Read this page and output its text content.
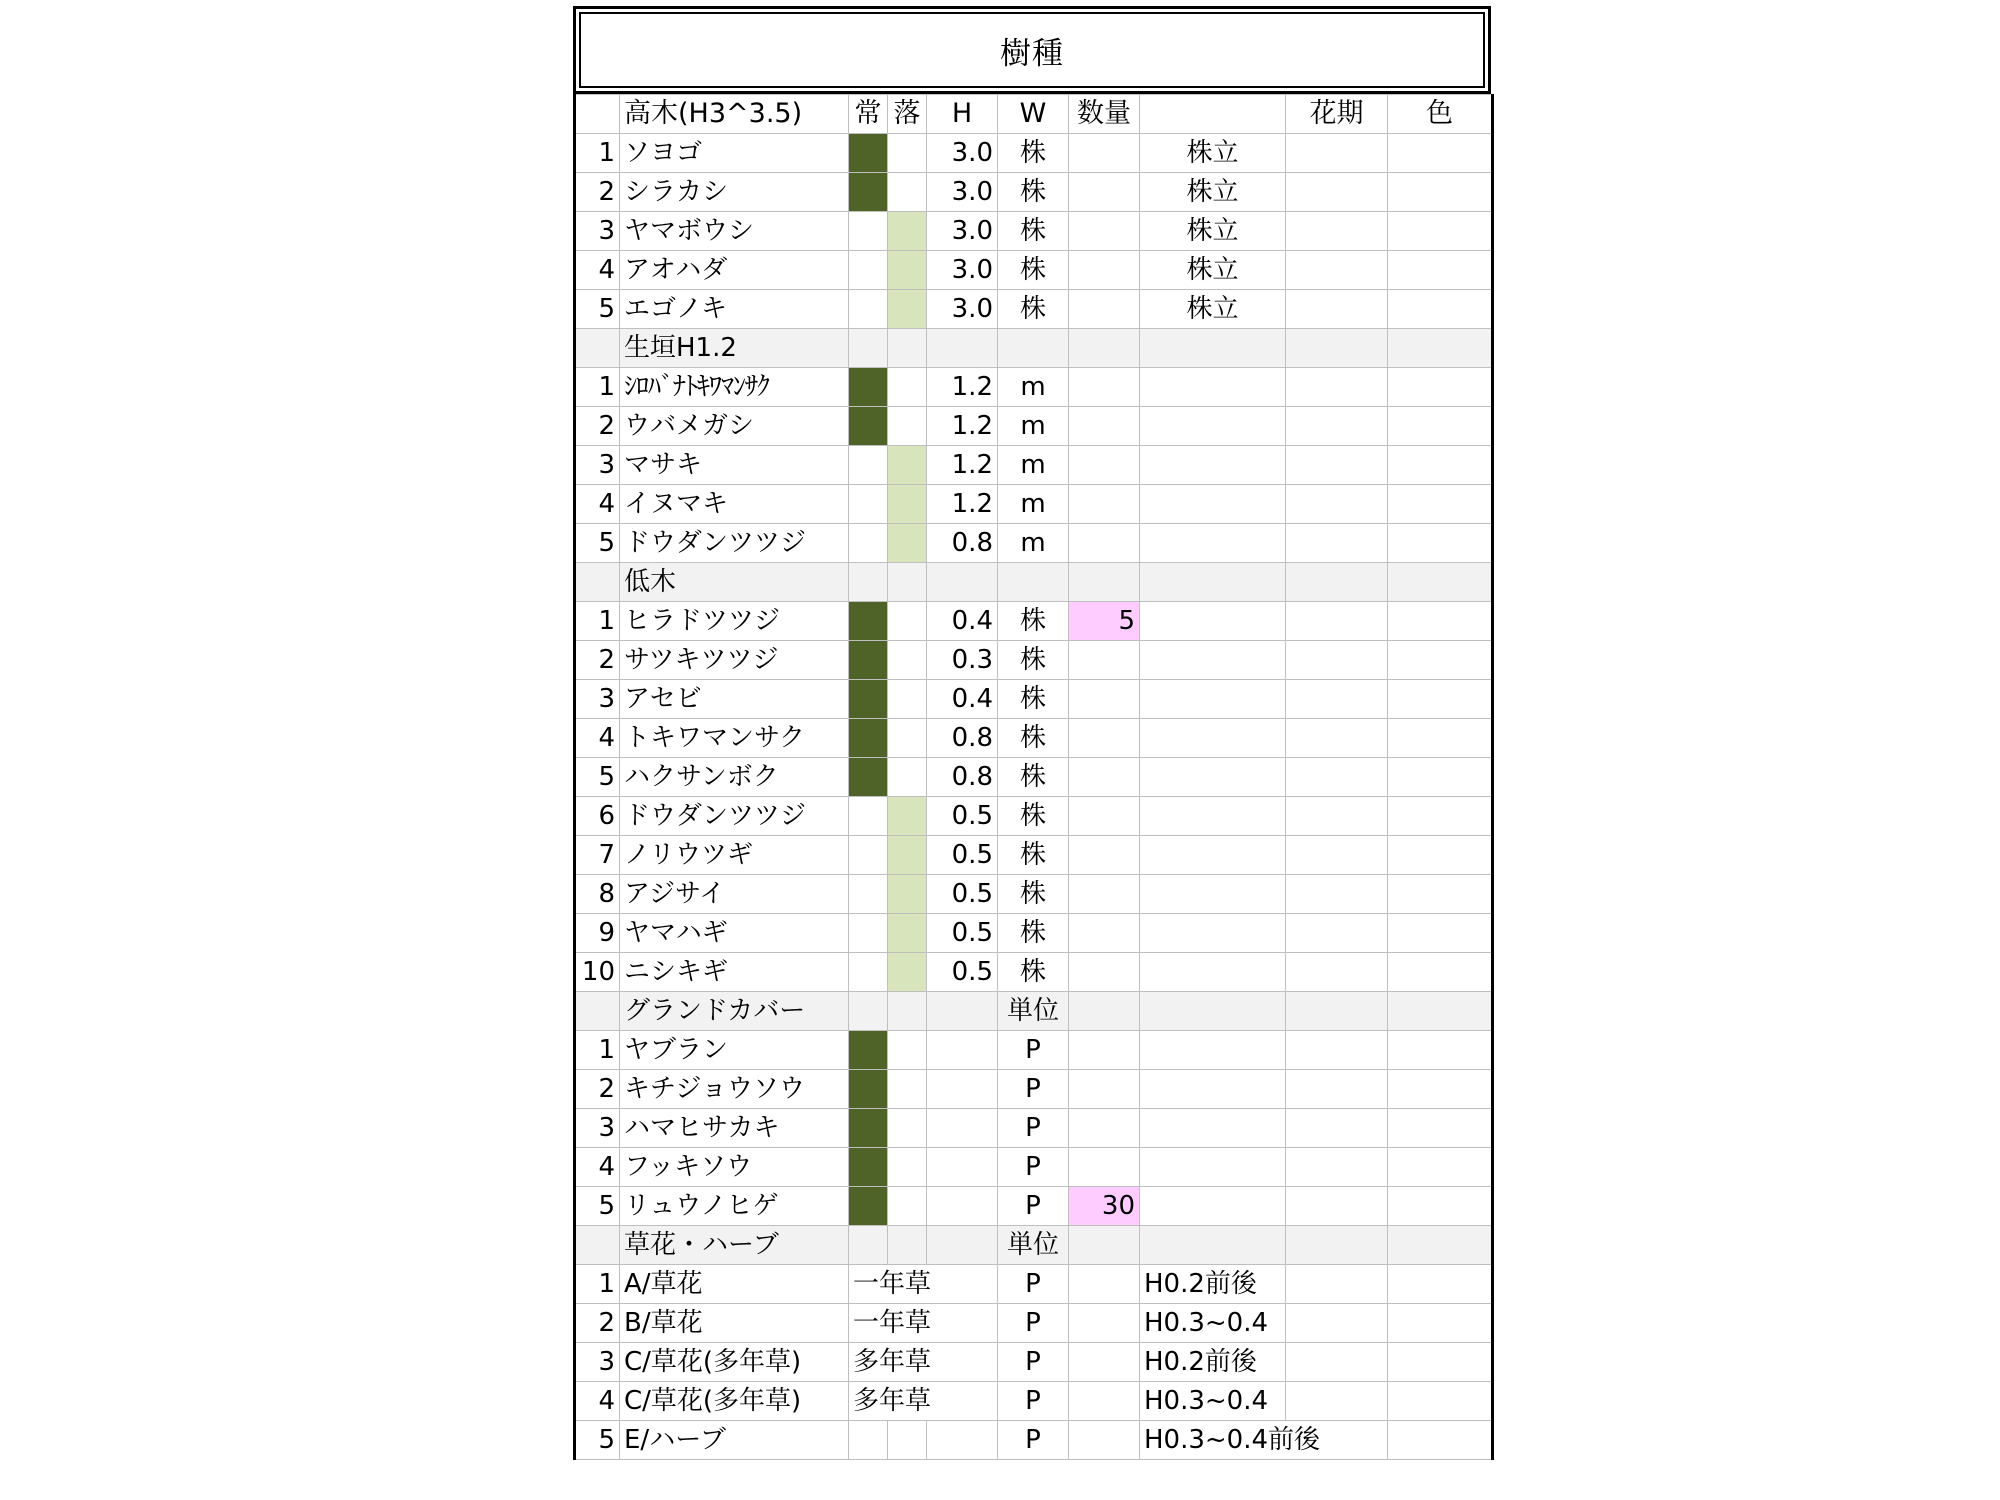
樹種
	高木(H3^3.5)	常	落	H	W	数量		花期	色
1	ソヨゴ			3.0	株		株立		
2	シラカシ			3.0	株		株立		
3	ヤマボウシ			3.0	株		株立		
4	アオハダ			3.0	株		株立		
5	エゴノキ			3.0	株		株立		
	生垣H1.2								
1	ｼﾛﾊﾞﾅﾄｷﾜﾏﾝｻｸ			1.2	m				
2	ウバメガシ			1.2	m				
3	マサキ			1.2	m				
4	イヌマキ			1.2	m				
5	ドウダンツツジ			0.8	m				
	低木								
1	ヒラドツツジ			0.4	株	5			
2	サツキツツジ			0.3	株				
3	アセビ			0.4	株				
4	トキワマンサク			0.8	株				
5	ハクサンボク			0.8	株				
6	ドウダンツツジ			0.5	株				
7	ノリウツギ			0.5	株				
8	アジサイ			0.5	株				
9	ヤマハギ			0.5	株				
10	ニシキギ			0.5	株				
	グランドカバー				単位				
1	ヤブラン				P				
2	キチジョウソウ				P				
3	ハマヒサカキ				P				
4	フッキソウ				P				
5	リュウノヒゲ				P	30			
	草花・ハーブ				単位				
1	A/草花	一年草			P		H0.2前後		
2	B/草花	一年草			P		H0.3~0.4		
3	C/草花(多年草)	多年草			P		H0.2前後		
4	C/草花(多年草)	多年草			P		H0.3~0.4		
5	E/ハーブ				P		H0.3~0.4前後		
